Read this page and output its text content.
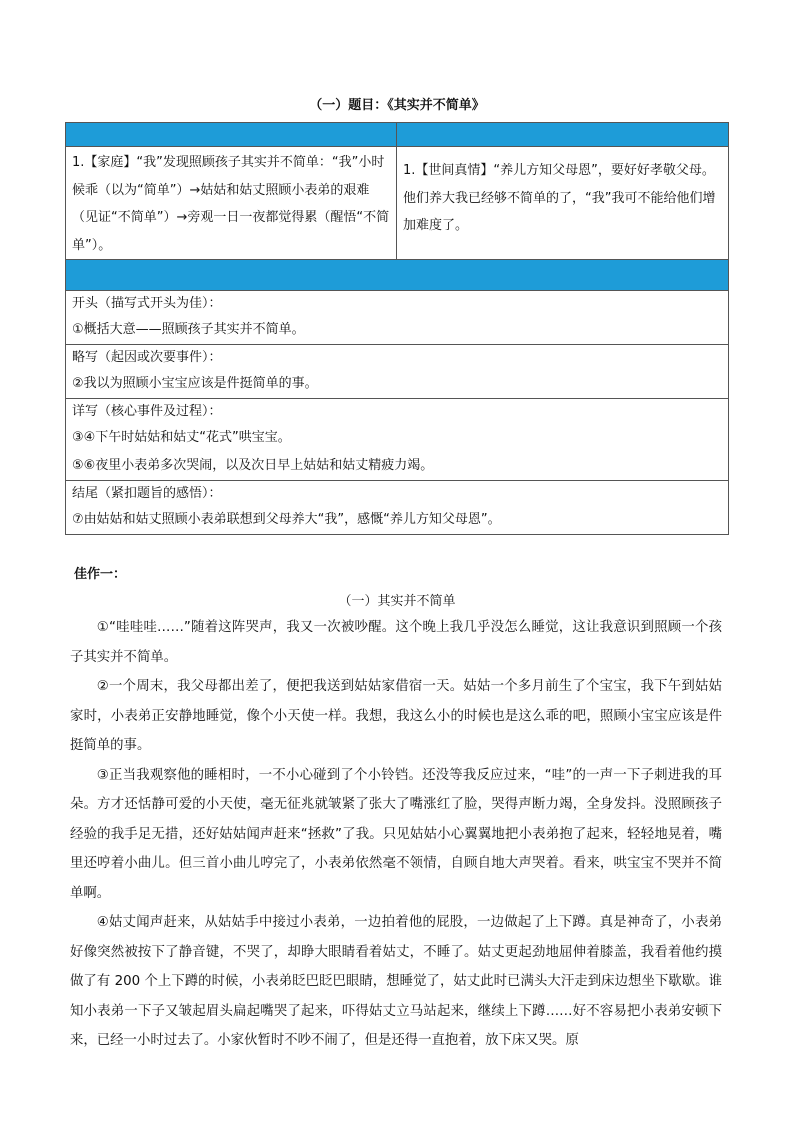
（一）题目：《其实并不简单》

1.【家庭】“我”发现照顾孩子其实并不简单：“我”小时候乖（以为“简单”）→姑姑和姑丈照顾小表弟的艰难（见证“不简单”）→旁观一日一夜都觉得累（醒悟“不简单”）。	1.【世间真情】“养儿方知父母恩”，要好好孝敬父母。他们养大我已经够不简单的了，“我”我可不能给他们增加难度了。

开头（描写式开头为佳）：
①概括大意——照顾孩子其实并不简单。	

略写（起因或次要事件）：
②我以为照顾小宝宝应该是件挺简单的事。	

详写（核心事件及过程）：
③④下午时姑姑和姑丈“花式”哄宝宝。
⑤⑥夜里小表弟多次哭闹，以及次日早上姑姑和姑丈精疲力竭。	

结尾（紧扣题旨的感悟）：
⑦由姑姑和姑丈照顾小表弟联想到父母养大“我”，感慨“养儿方知父母恩”。	
佳作一：
（一）其实并不简单

①“哇哇哇……”随着这阵哭声，我又一次被吵醒。这个晚上我几乎没怎么睡觉，这让我意识到照顾一个孩子其实并不简单。

②一个周末，我父母都出差了，便把我送到姑姑家借宿一天。姑姑一个多月前生了个宝宝，我下午到姑姑家时，小表弟正安静地睡觉，像个小天使一样。我想，我这么小的时候也是这么乖的吧，照顾小宝宝应该是件挺简单的事。

③正当我观察他的睡相时，一不小心碰到了个小铃铛。还没等我反应过来，“哇”的一声一下子刺进我的耳朵。方才还恬静可爱的小天使，毫无征兆就皱紧了张大了嘴涨红了脸，哭得声断力竭，全身发抖。没照顾孩子经验的我手足无措，还好姑姑闻声赶来“拯救”了我。只见姑姑小心翼翼地把小表弟抱了起来，轻轻地晃着，嘴里还哼着小曲儿。但三首小曲儿哼完了，小表弟依然毫不领情，自顾自地大声哭着。看来，哄宝宝不哭并不简单啊。

④姑丈闻声赶来，从姑姑手中接过小表弟，一边拍着他的屁股，一边做起了上下蹲。真是神奇了，小表弟好像突然被按下了静音键，不哭了，却睁大眼睛看着姑丈，不睡了。姑丈更起劲地屈伸着膝盖，我看着他约摸做了有 200 个上下蹲的时候，小表弟眨巴眨巴眼睛，想睡觉了，姑丈此时已满头大汗走到床边想坐下歇歇。谁知小表弟一下子又皱起眉头扁起嘴哭了起来，吓得姑丈立马站起来，继续上下蹲……好不容易把小表弟安顿下来，已经一小时过去了。小家伙暂时不吵不闹了，但是还得一直抱着，放下床又哭。原
